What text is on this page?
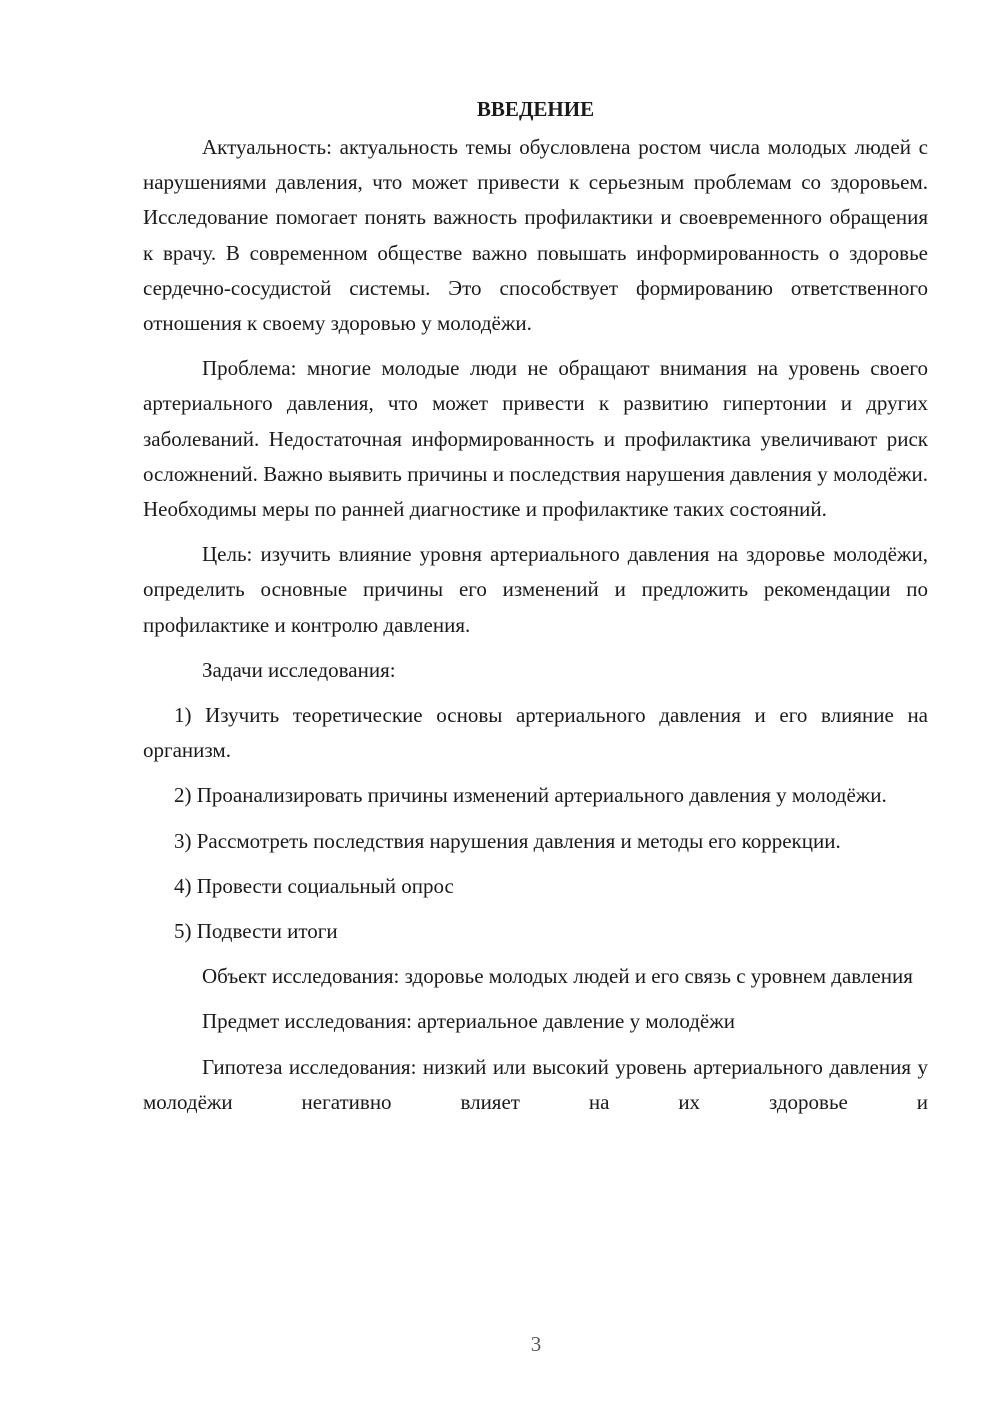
ВВЕДЕНИЕ

Актуальность: актуальность темы обусловлена ростом числа молодых людей с нарушениями давления, что может привести к серьезным проблемам со здоровьем. Исследование помогает понять важность профилактики и своевременного обращения к врачу. В современном обществе важно повышать информированность о здоровье сердечно-сосудистой системы. Это способствует формированию ответственного отношения к своему здоровью у молодёжи.

Проблема: многие молодые люди не обращают внимания на уровень своего артериального давления, что может привести к развитию гипертонии и других заболеваний. Недостаточная информированность и профилактика увеличивают риск осложнений. Важно выявить причины и последствия нарушения давления у молодёжи. Необходимы меры по ранней диагностике и профилактике таких состояний.

Цель: изучить влияние уровня артериального давления на здоровье молодёжи, определить основные причины его изменений и предложить рекомендации по профилактике и контролю давления.

Задачи исследования:

1) Изучить теоретические основы артериального давления и его влияние на организм.

2) Проанализировать причины изменений артериального давления у молодёжи.

3) Рассмотреть последствия нарушения давления и методы его коррекции.

4) Провести социальный опрос

5) Подвести итоги

Объект исследования: здоровье молодых людей и его связь с уровнем давления

Предмет исследования: артериальное давление у молодёжи

Гипотеза исследования: низкий или высокий уровень артериального давления у молодёжи негативно влияет на их здоровье и

3
